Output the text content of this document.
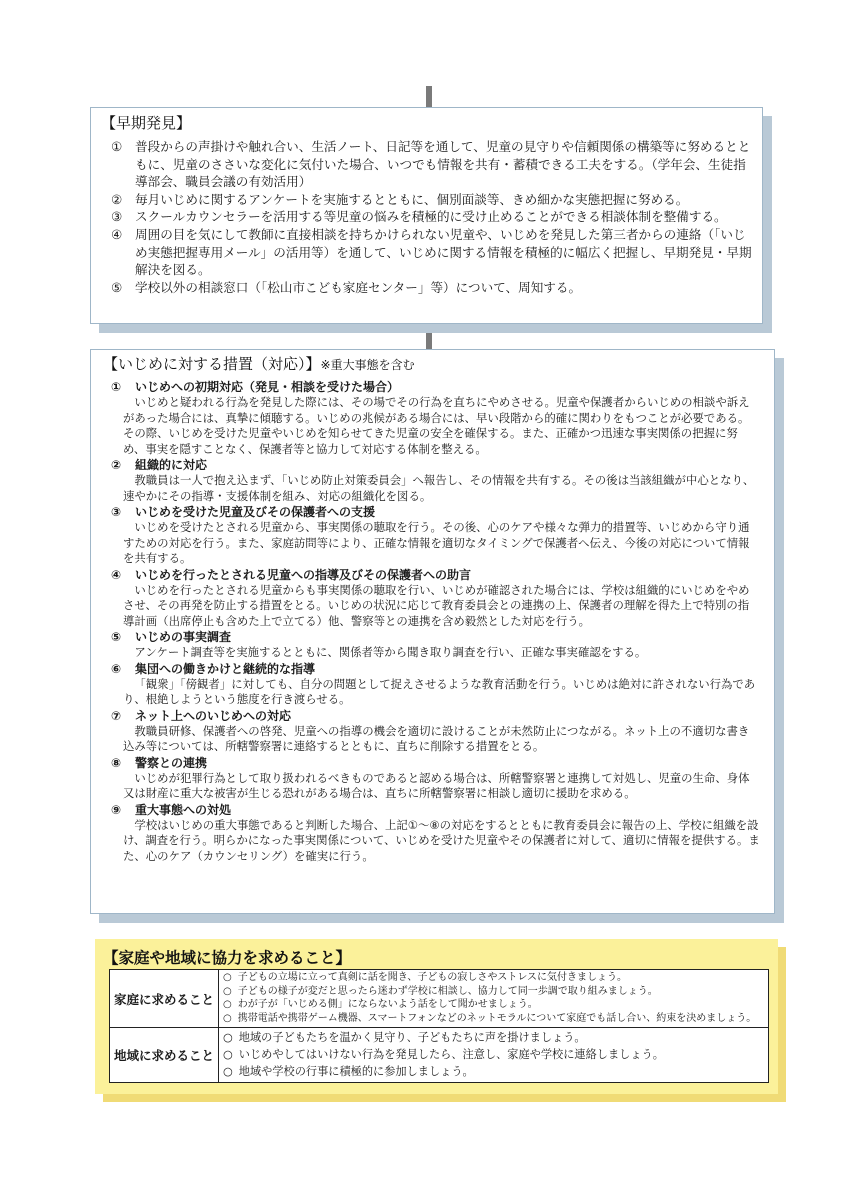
【早期発見】
①	普段からの声掛けや触れ合い、生活ノート、日記等を通して、児童の見守りや信頼関係の構築等に努めるとともに、児童のささいな変化に気付いた場合、いつでも情報を共有・蓄積できる工夫をする。（学年会、生徒指導部会、職員会議の有効活用）
②	毎月いじめに関するアンケートを実施するとともに、個別面談等、きめ細かな実態把握に努める。
③	スクールカウンセラーを活用する等児童の悩みを積極的に受け止めることができる相談体制を整備する。
④	周囲の目を気にして教師に直接相談を持ちかけられない児童や、いじめを発見した第三者からの連絡（「いじめ実態把握専用メール」の活用等）を通して、いじめに関する情報を積極的に幅広く把握し、早期発見・早期解決を図る。
⑤	学校以外の相談窓口（「松山市こども家庭センター」等）について、周知する。
【いじめに対する措置（対応）】※重大事態を含む
①	いじめへの初期対応（発見・相談を受けた場合）
いじめと疑われる行為を発見した際には、その場でその行為を直ちにやめさせる。児童や保護者からいじめの相談や訴えがあった場合には、真摯に傾聴する。いじめの兆候がある場合には、早い段階から的確に関わりをもつことが必要である。その際、いじめを受けた児童やいじめを知らせてきた児童の安全を確保する。また、正確かつ迅速な事実関係の把握に努め、事実を隠すことなく、保護者等と協力して対応する体制を整える。
②	組織的に対応
教職員は一人で抱え込まず、「いじめ防止対策委員会」へ報告し、その情報を共有する。その後は当該組織が中心となり、速やかにその指導・支援体制を組み、対応の組織化を図る。
③	いじめを受けた児童及びその保護者への支援
いじめを受けたとされる児童から、事実関係の聴取を行う。その後、心のケアや様々な弾力的措置等、いじめから守り通すための対応を行う。また、家庭訪問等により、正確な情報を適切なタイミングで保護者へ伝え、今後の対応について情報を共有する。
④	いじめを行ったとされる児童への指導及びその保護者への助言
いじめを行ったとされる児童からも事実関係の聴取を行い、いじめが確認された場合には、学校は組織的にいじめをやめさせ、その再発を防止する措置をとる。いじめの状況に応じて教育委員会との連携の上、保護者の理解を得た上で特別の指導計画（出席停止も含めた上で立てる）他、警察等との連携を含め毅然とした対応を行う。
⑤	いじめの事実調査
アンケート調査等を実施するとともに、関係者等から聞き取り調査を行い、正確な事実確認をする。
⑥	集団への働きかけと継続的な指導
「観衆」「傍観者」に対しても、自分の問題として捉えさせるような教育活動を行う。いじめは絶対に許されない行為であり、根絶しようという態度を行き渡らせる。
⑦	ネット上へのいじめへの対応
教職員研修、保護者への啓発、児童への指導の機会を適切に設けることが未然防止につながる。ネット上の不適切な書き込み等については、所轄警察署に連絡するとともに、直ちに削除する措置をとる。
⑧	警察との連携
いじめが犯罪行為として取り扱われるべきものであると認める場合は、所轄警察署と連携して対処し、児童の生命、身体又は財産に重大な被害が生じる恐れがある場合は、直ちに所轄警察署に相談し適切に援助を求める。
⑨	重大事態への対処
学校はいじめの重大事態であると判断した場合、上記①～⑧の対応をするとともに教育委員会に報告の上、学校に組織を設け、調査を行う。明らかになった事実関係について、いじめを受けた児童やその保護者に対して、適切に情報を提供する。また、心のケア（カウンセリング）を確実に行う。
【家庭や地域に協力を求めること】
家庭に求めること	○ 子どもの立場に立って真剣に話を聞き、子どもの寂しさやストレスに気付きましょう。
○ 子どもの様子が変だと思ったら迷わず学校に相談し、協力して同一歩調で取り組みましょう。
○ わが子が「いじめる側」にならないよう話をして聞かせましょう。
○ 携帯電話や携帯ゲーム機器、スマートフォンなどのネットモラルについて家庭でも話し合い、約束を決めましょう。

地域に求めること	○ 地域の子どもたちを温かく見守り、子どもたちに声を掛けましょう。
○ いじめやしてはいけない行為を発見したら、注意し、家庭や学校に連絡しましょう。
○ 地域や学校の行事に積極的に参加しましょう。
